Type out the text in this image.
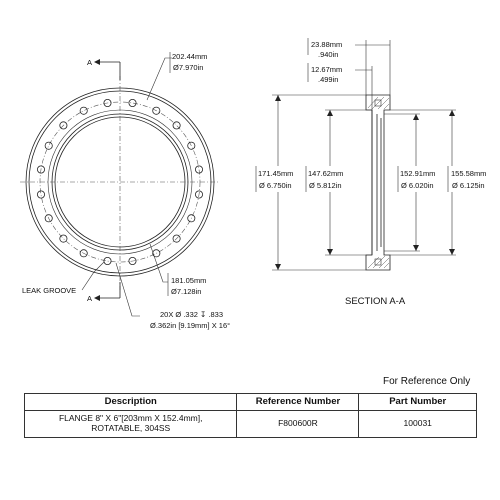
A
A
202.44mm
Ø7.970in
181.05mm
Ø7.128in
LEAK GROOVE
20X Ø .332 ↧ .833
Ø.362in [9.19mm] X 16°
23.88mm
.940in
12.67mm
.499in
171.45mm
Ø 6.750in
147.62mm
Ø 5.812in
152.91mm
Ø 6.020in
155.58mm
Ø 6.125in
SECTION A-A
For Reference Only
Description	Reference Number	Part Number

FLANGE 8" X 6"[203mm X 152.4mm],
ROTATABLE, 304SS	F800600R	100031
